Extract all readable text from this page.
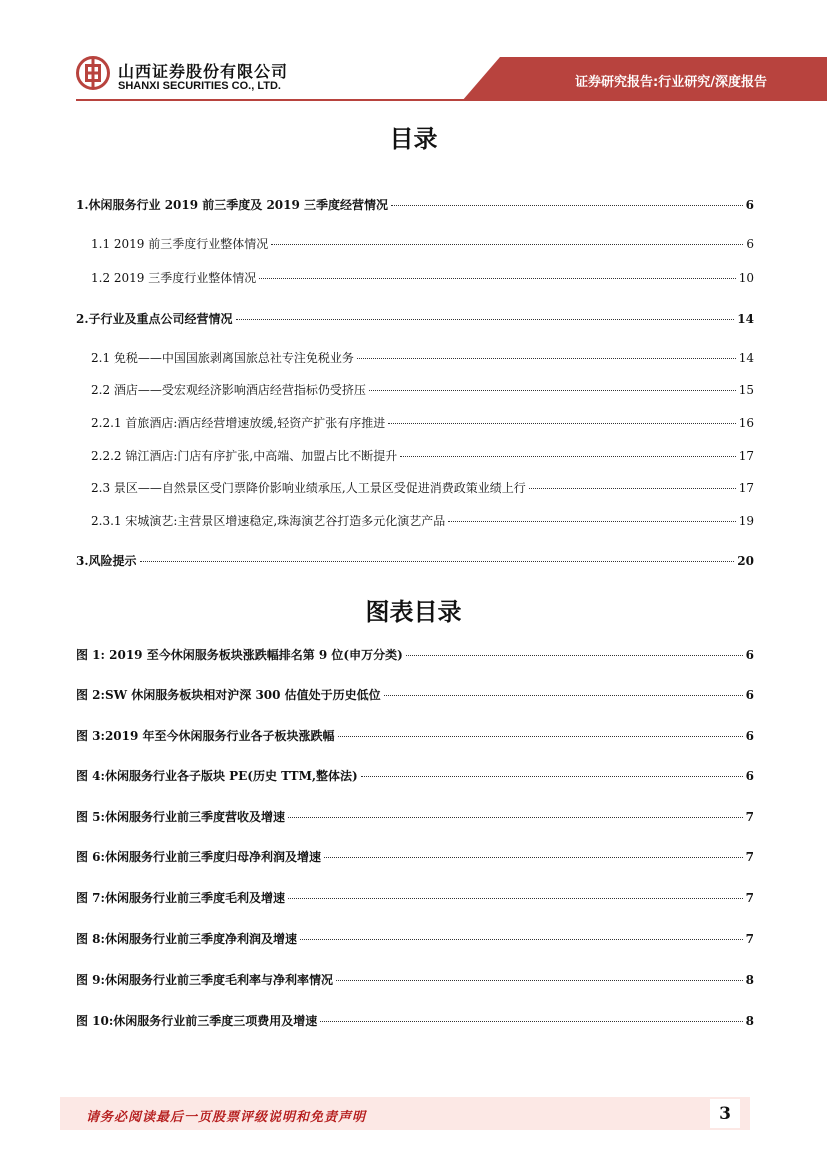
山西证券股份有限公司
SHANXI SECURITIES CO., LTD.	证券研究报告:行业研究/深度报告
目录
1.休闲服务行业 2019 前三季度及 2019 三季度经营情况	6
1.1 2019 前三季度行业整体情况	6
1.2 2019 三季度行业整体情况	10
2.子行业及重点公司经营情况	14
2.1 免税——中国国旅剥离国旅总社专注免税业务	14
2.2 酒店——受宏观经济影响酒店经营指标仍受挤压	15
2.2.1 首旅酒店:酒店经营增速放缓,轻资产扩张有序推进	16
2.2.2 锦江酒店:门店有序扩张,中高端、加盟占比不断提升	17
2.3 景区——自然景区受门票降价影响业绩承压,人工景区受促进消费政策业绩上行	17
2.3.1 宋城演艺:主营景区增速稳定,珠海演艺谷打造多元化演艺产品	19
3.风险提示	20
图表目录
图 1: 2019 至今休闲服务板块涨跌幅排名第 9 位(申万分类)	6
图 2:SW 休闲服务板块相对沪深 300 估值处于历史低位	6
图 3:2019 年至今休闲服务行业各子板块涨跌幅	6
图 4:休闲服务行业各子版块 PE(历史 TTM,整体法)	6
图 5:休闲服务行业前三季度营收及增速	7
图 6:休闲服务行业前三季度归母净利润及增速	7
图 7:休闲服务行业前三季度毛利及增速	7
图 8:休闲服务行业前三季度净利润及增速	7
图 9:休闲服务行业前三季度毛利率与净利率情况	8
图 10:休闲服务行业前三季度三项费用及增速	8
请务必阅读最后一页股票评级说明和免责声明	3
